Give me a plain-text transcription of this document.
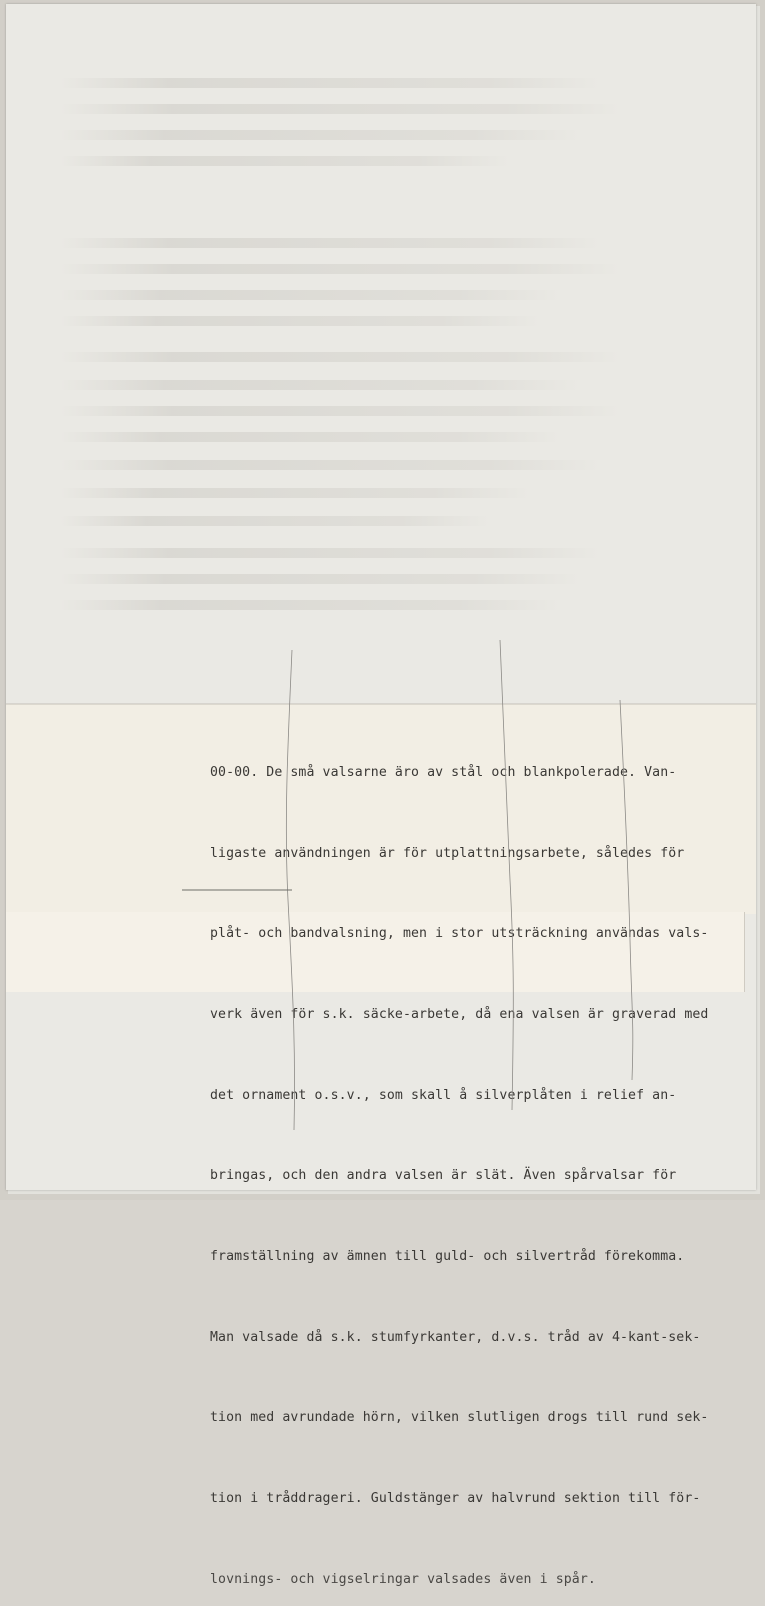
00-00. De små valsarne äro av stål och blankpolerade. Van-

ligaste användningen är för utplattningsarbete, således för

plåt- och bandvalsning, men i stor utsträckning användas vals-

verk även för s.k. säcke-arbete, då ena valsen är graverad med

det ornament o.s.v., som skall å silverplåten i relief an-

bringas, och den andra valsen är slät. Även spårvalsar för

framställning av ämnen till guld- och silvertråd förekomma.

Man valsade då s.k. stumfyrkanter, d.v.s. tråd av 4-kant-sek-

tion med avrundade hörn, vilken slutligen drogs till rund sek-

tion i tråddrageri. Guldstänger av halvrund sektion till för-

lovnings- och vigselringar valsades även i spår.
